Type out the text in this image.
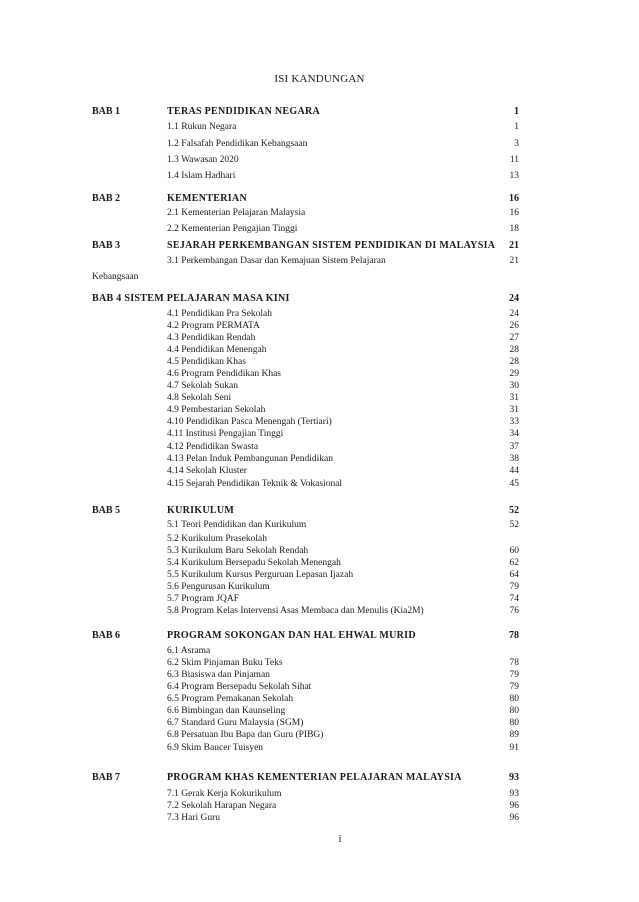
ISI KANDUNGAN
BAB 1	TERAS PENDIDIKAN NEGARA	1
1.1 Rukun Negara	1
1.2 Falsafah Pendidikan Kebangsaan	3
1.3 Wawasan 2020	11
1.4 Islam Hadhari	13
BAB 2	KEMENTERIAN	16
2.1 Kementerian Pelajaran Malaysia	16
2.2 Kementerian Pengajian Tinggi	18
BAB 3	SEJARAH PERKEMBANGAN SISTEM PENDIDIKAN DI MALAYSIA	21
3.1 Perkembangan Dasar dan Kemajuan Sistem Pelajaran	21
Kebangsaan
BAB 4 SISTEM PELAJARAN MASA KINI	24
4.1 Pendidikan Pra Sekolah	24
4.2 Program PERMATA	26
4.3 Pendidikan Rendah	27
4.4 Pendidikan Menengah	28
4.5 Pendidikan Khas	28
4.6 Program Pendidikan Khas	29
4.7 Sekolah Sukan	30
4.8 Sekolah Seni	31
4.9 Pembestarian Sekolah	31
4.10 Pendidikan Pasca Menengah (Tertiari)	33
4.11 Institusi Pengajian Tinggi	34
4.12 Pendidikan Swasta	37
4.13 Pelan Induk Pembangunan Pendidikan	38
4.14 Sekolah Kluster	44
4.15 Sejarah Pendidikan Teknik & Vokasional	45
BAB 5	KURIKULUM	52
5.1 Teori Pendidikan dan Kurikulum	52
5.2 Kurikulum Prasekolah
5.3 Kurikulum Baru Sekolah Rendah	60
5.4 Kurikulum Bersepadu Sekolah Menengah	62
5.5 Kurikulum Kursus Perguruan Lepasan Ijazah	64
5.6 Pengurusan Kurikulum	79
5.7 Program JQAF	74
5.8 Program Kelas Intervensi Asas Membaca dan Menulis (Kia2M)	76
BAB 6	PROGRAM SOKONGAN DAN HAL EHWAL MURID	78
6.1 Asrama
6.2 Skim Pinjaman Buku Teks	78
6.3 Biasiswa dan Pinjaman	79
6.4 Program Bersepadu Sekolah Sihat	79
6.5 Program Pemakanan Sekolah	80
6.6 Bimbingan dan Kaunseling	80
6.7 Standard Guru Malaysia (SGM)	80
6.8 Persatuan Ibu Bapa dan Guru (PIBG)	89
6.9 Skim Baucer Tuisyen	91
BAB 7	PROGRAM KHAS KEMENTERIAN PELAJARAN MALAYSIA	93
7.1 Gerak Kerja Kokurikulum	93
7.2 Sekolah Harapan Negara	96
7.3 Hari Guru	96
i
